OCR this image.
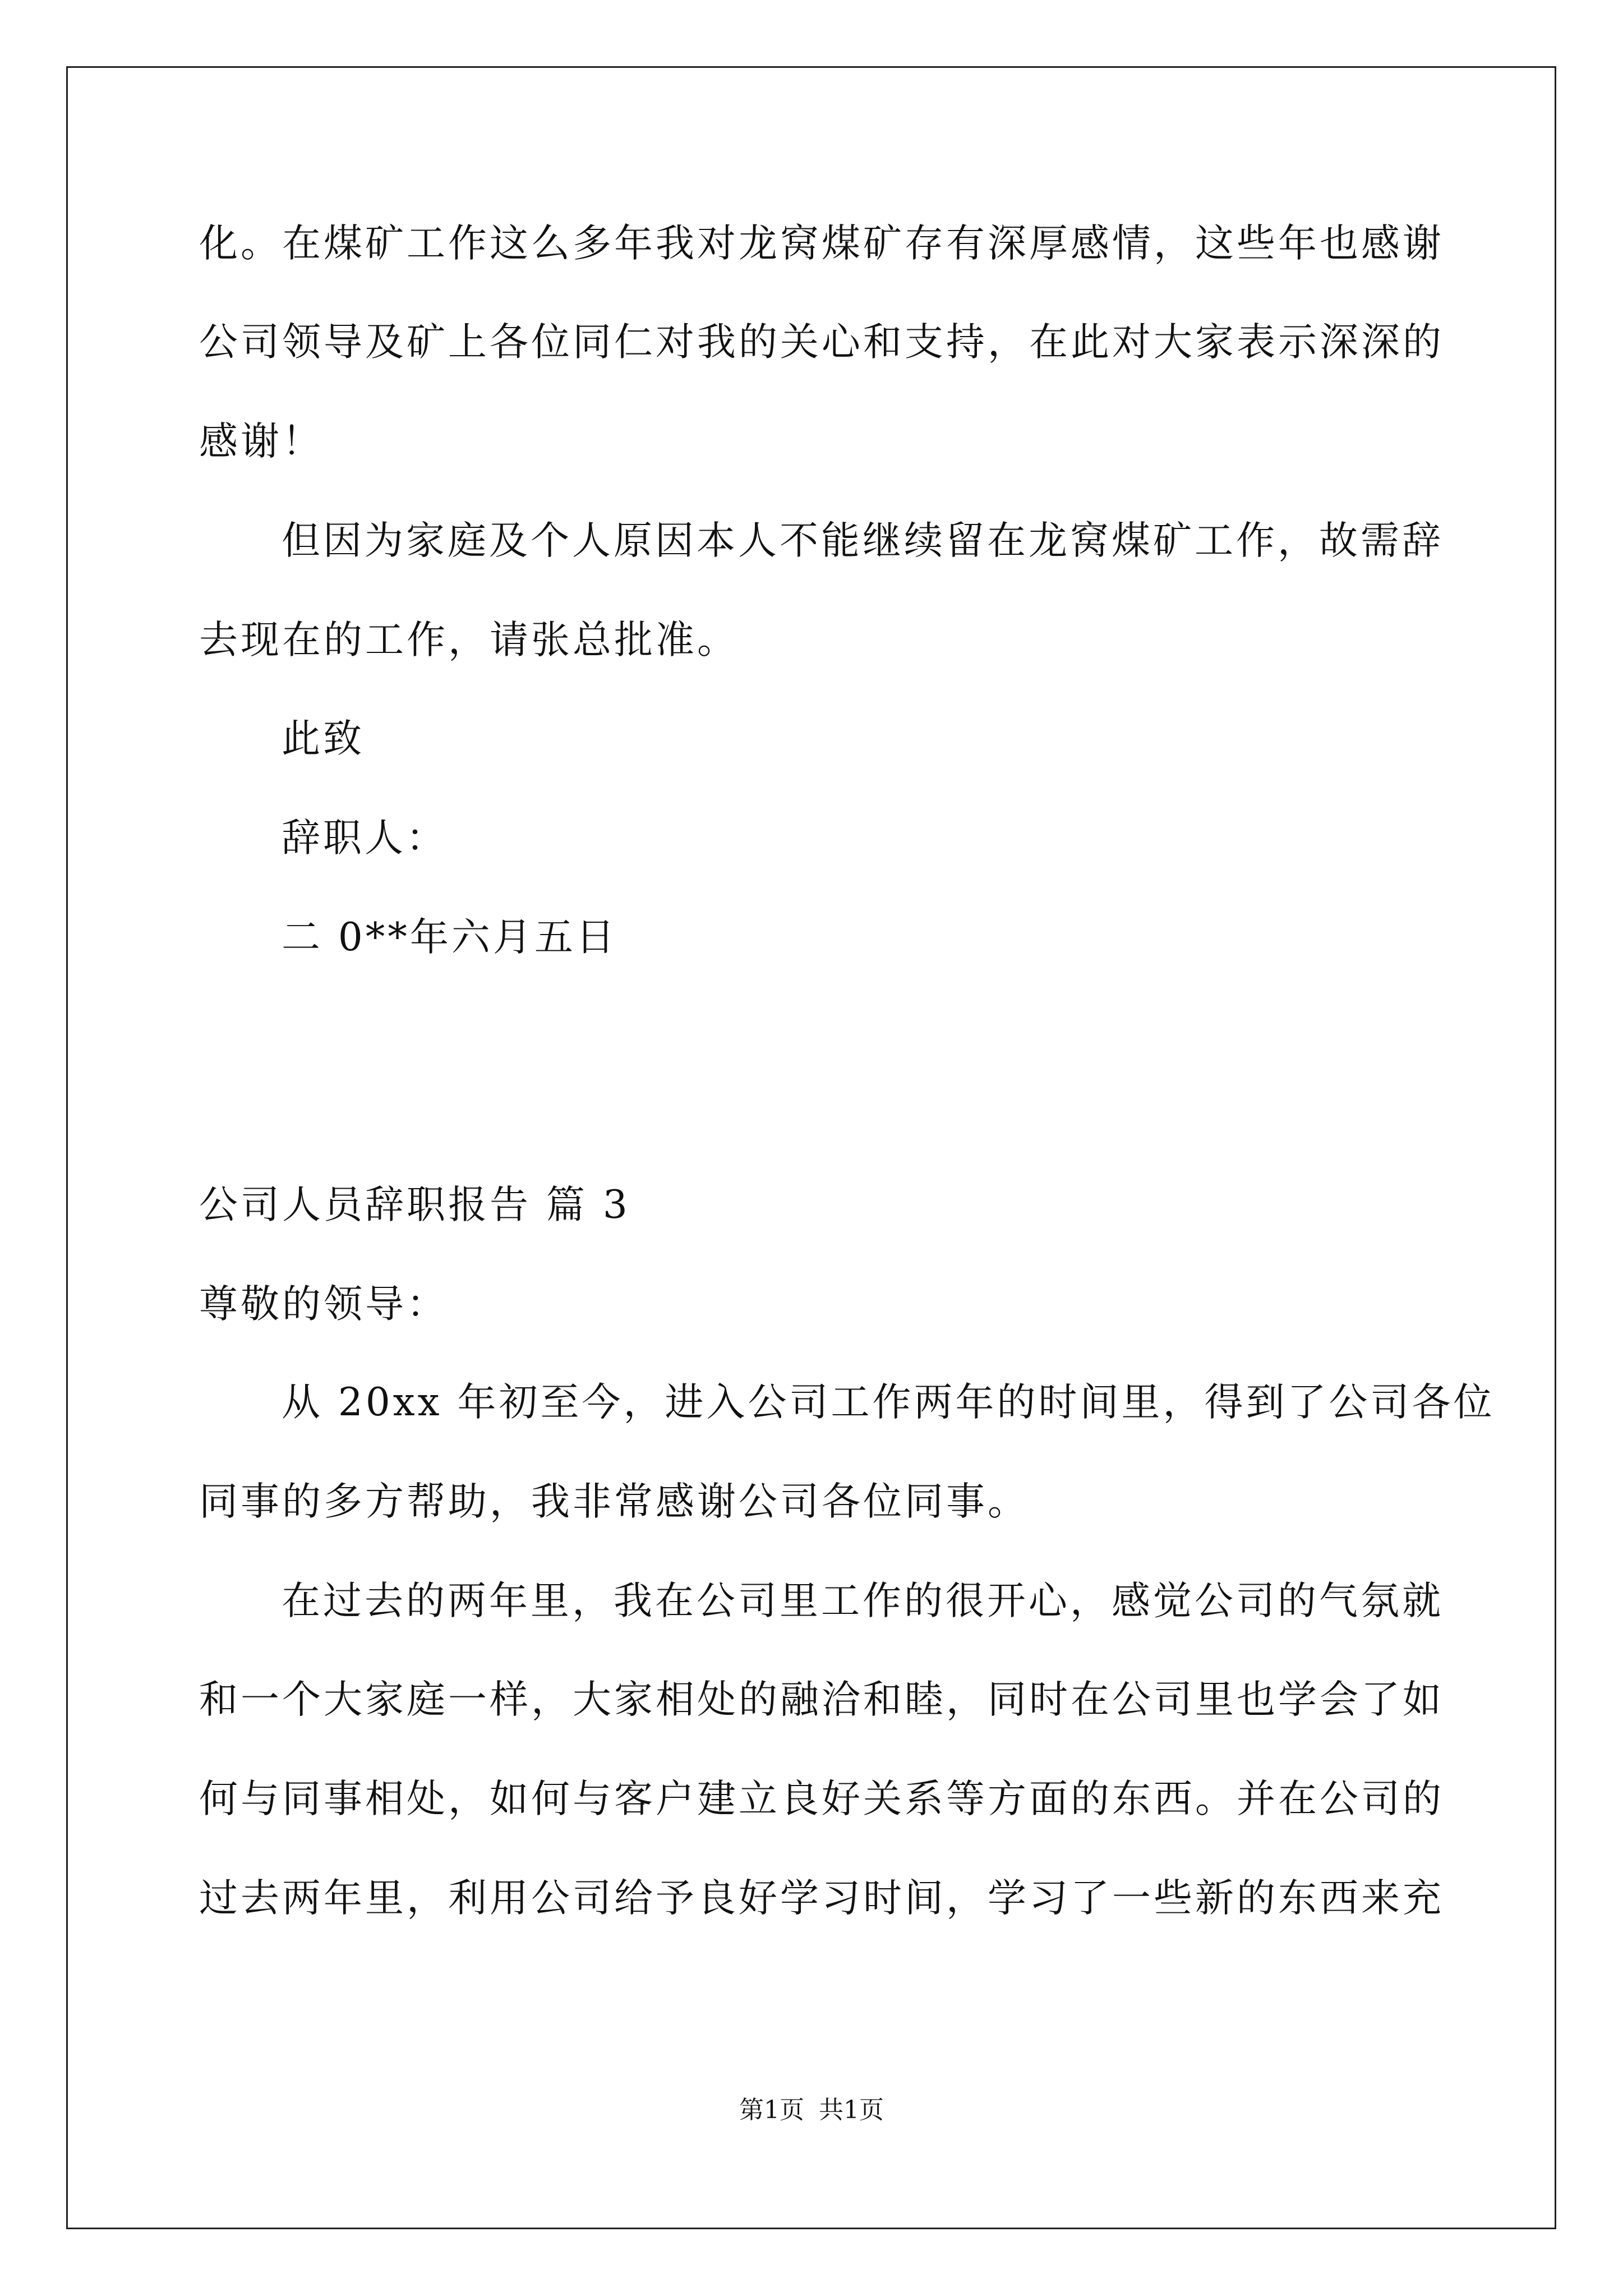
化。在煤矿工作这么多年我对龙窝煤矿存有深厚感情，这些年也感谢
公司领导及矿上各位同仁对我的关心和支持，在此对大家表示深深的
感谢！
但因为家庭及个人原因本人不能继续留在龙窝煤矿工作，故需辞
去现在的工作，请张总批准。
此致
辞职人：
二 0**年六月五日
公司人员辞职报告 篇 3
尊敬的领导：
从 20xx 年初至今，进入公司工作两年的时间里，得到了公司各位
同事的多方帮助，我非常感谢公司各位同事。
在过去的两年里，我在公司里工作的很开心，感觉公司的气氛就
和一个大家庭一样，大家相处的融洽和睦，同时在公司里也学会了如
何与同事相处，如何与客户建立良好关系等方面的东西。并在公司的
过去两年里，利用公司给予良好学习时间，学习了一些新的东西来充
第1页 共1页
